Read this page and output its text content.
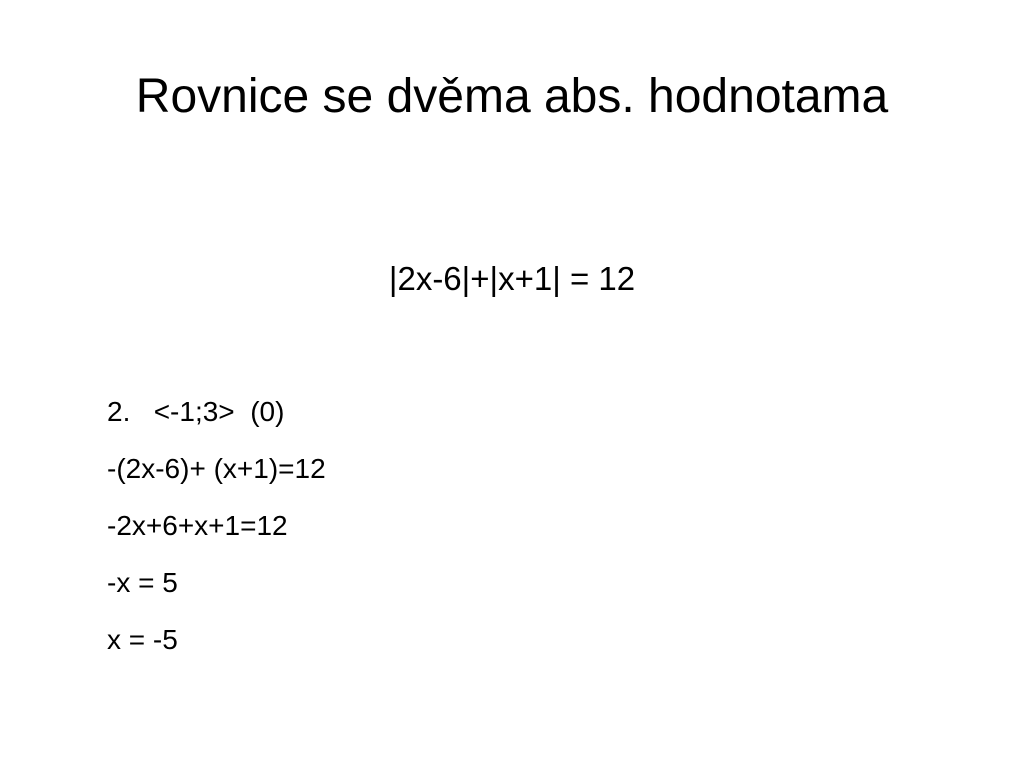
Rovnice se dvěma abs. hodnotama
|2x-6|+|x+1| = 12
2.   <-1;3>  (0)
-(2x-6)+ (x+1)=12
-2x+6+x+1=12
-x = 5
x = -5
